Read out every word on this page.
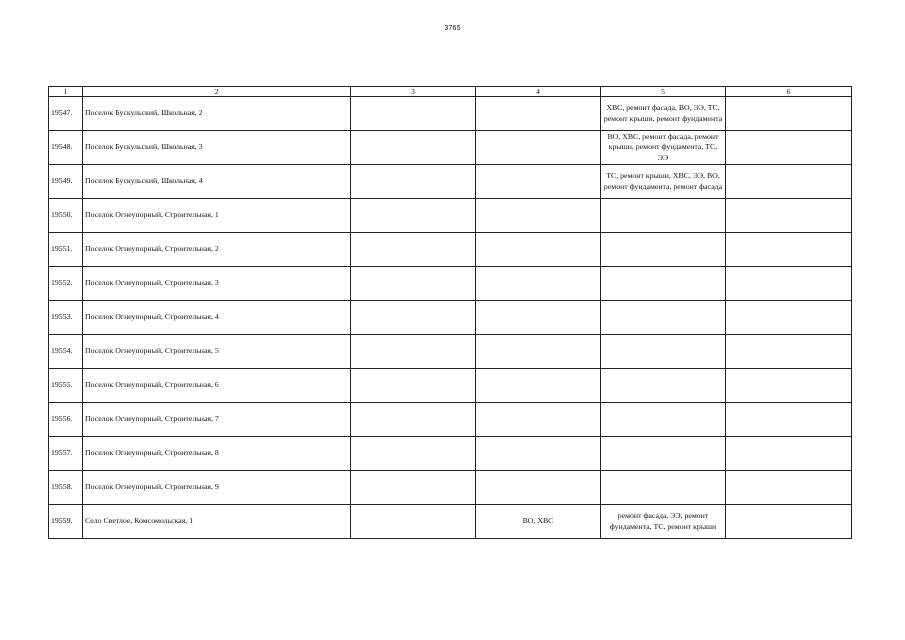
3765
1	2	3	4	5	6
19547.	Поселок Бускульский, Школьная, 2			ХВС, ремонт фасада, ВО, ЭЭ, ТС, ремонт крыши, ремонт фундамента	
19548.	Поселок Бускульский, Школьная, 3			ВО, ХВС, ремонт фасада, ремонт крыши, ремонт фундамента, ТС, ЭЭ	
19549.	Поселок Бускульский, Школьная, 4			ТС, ремонт крыши, ХВС, ЭЭ, ВО, ремонт фундамента, ремонт фасада	
19550.	Поселок Огнеупорный, Строительная, 1				
19551.	Поселок Огнеупорный, Строительная, 2				
19552.	Поселок Огнеупорный, Строительная, 3				
19553.	Поселок Огнеупорный, Строительная, 4				
19554.	Поселок Огнеупорный, Строительная, 5				
19555.	Поселок Огнеупорный, Строительная, 6				
19556.	Поселок Огнеупорный, Строительная, 7				
19557.	Поселок Огнеупорный, Строительная, 8				
19558.	Поселок Огнеупорный, Строительная, 9				
19559.	Село Светлое, Комсомольская, 1		ВО, ХВС	ремонт фасада, ЭЭ, ремонт фундамента, ТС, ремонт крыши	
